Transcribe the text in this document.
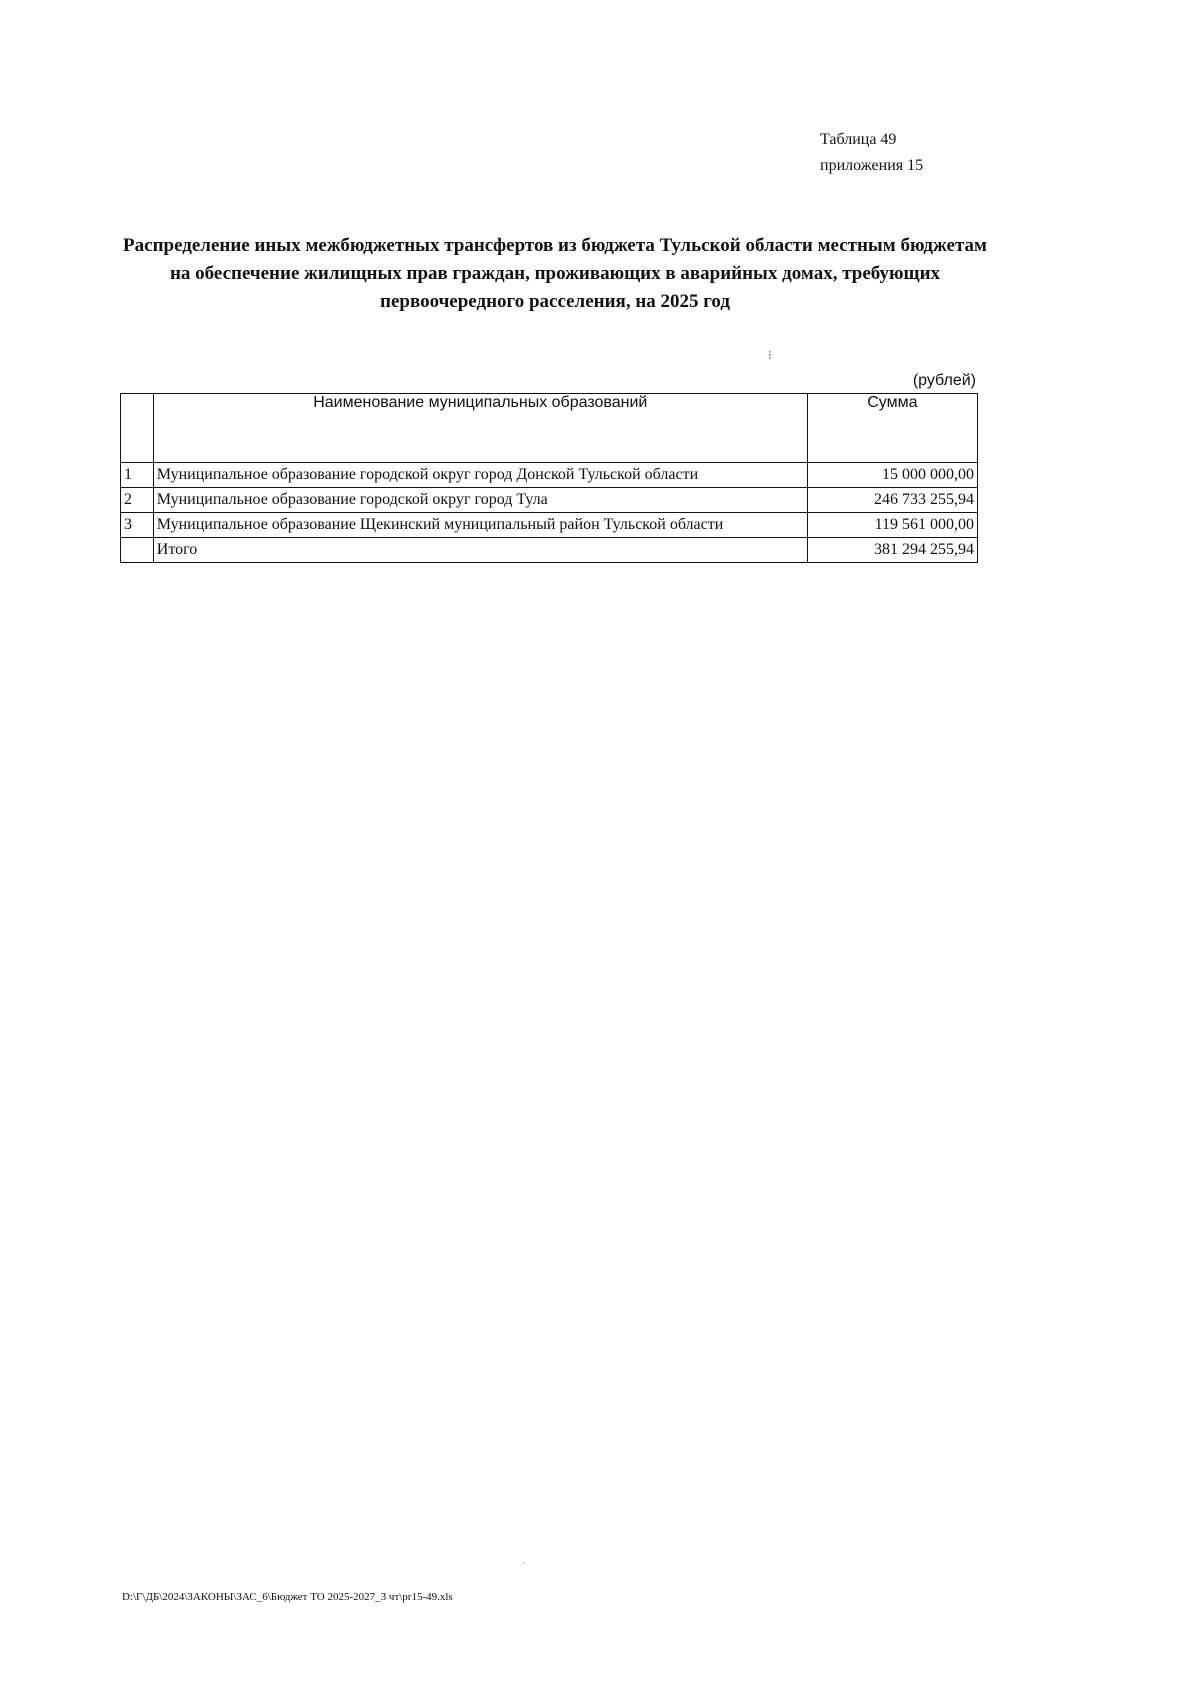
Таблица 49
приложения 15
Распределение иных межбюджетных трансфертов из бюджета Тульской области местным бюджетам на обеспечение жилищных прав граждан, проживающих в аварийных домах, требующих первоочередного расселения, на 2025 год
⁝
(рублей)
	Наименование муниципальных образований	Сумма
1	Муниципальное образование городской округ город Донской Тульской области	15 000 000,00
2	Муниципальное образование городской округ город Тула	246 733 255,94
3	Муниципальное образование Щекинский муниципальный район Тульской области	119 561 000,00
	Итого	381 294 255,94
ˋ
D:\Г\ДБ\2024\ЗАКОНЫ\ЗАС_6\Бюджет ТО 2025-2027_3 чт\pr15-49.xls
